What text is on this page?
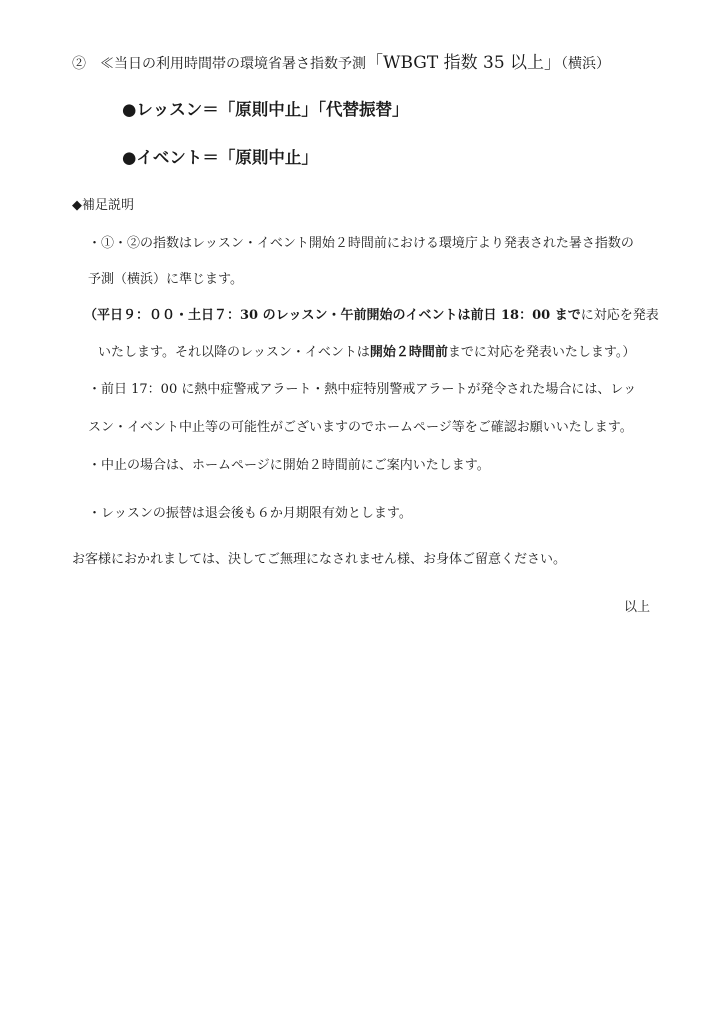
②　≪当日の利用時間帯の環境省暑さ指数予測「WBGT 指数 35 以上」（横浜）
●レッスン＝「原則中止」「代替振替」
●イベント＝「原則中止」
◆補足説明
・①・②の指数はレッスン・イベント開始２時間前における環境庁より発表された暑さ指数の
予測（横浜）に準じます。
（平日９：００・土日７：30 のレッスン・午前開始のイベントは前日 18：00 までに対応を発表
いたします。それ以降のレッスン・イベントは開始２時間前までに対応を発表いたします。）
・前日 17：00 に熱中症警戒アラート・熱中症特別警戒アラートが発令された場合には、レッ
スン・イベント中止等の可能性がございますのでホームページ等をご確認お願いいたします。
・中止の場合は、ホームページに開始２時間前にご案内いたします。
・レッスンの振替は退会後も６か月期限有効とします。
お客様におかれましては、決してご無理になされません様、お身体ご留意ください。
以上
